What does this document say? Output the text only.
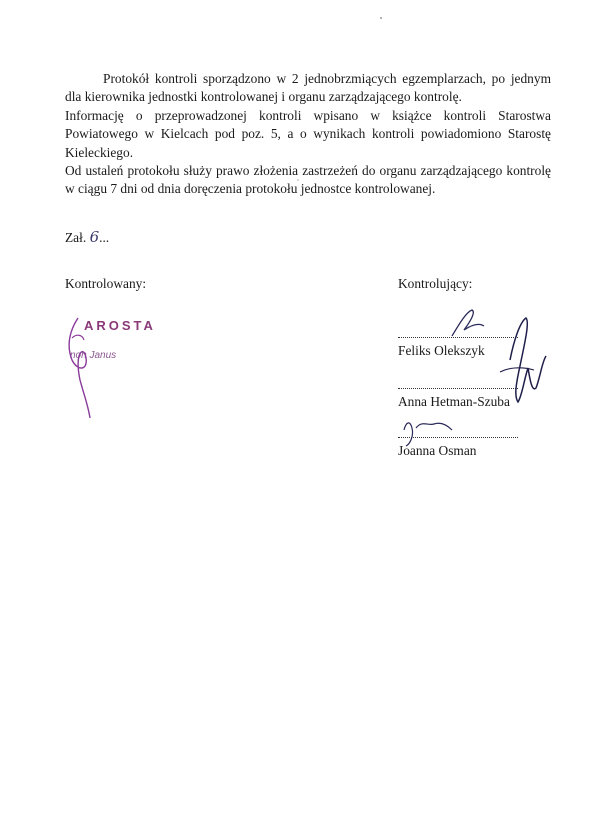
Protokół kontroli sporządzono w 2 jednobrzmiących egzemplarzach, po jednym dla kierownika jednostki kontrolowanej i organu zarządzającego kontrolę.

Informację o przeprowadzonej kontroli wpisano w książce kontroli Starostwa Powiatowego w Kielcach pod poz. 5, a o wynikach kontroli powiadomiono Starostę Kieleckiego.

Od ustaleń protokołu służy prawo złożenia zastrzeżeń do organu zarządzającego kontrolę w ciągu 7 dni od dnia doręczenia protokołu jednostce kontrolowanej.

Zał. 6...
Kontrolowany:	Kontrolujący:
AROSTA
non Janus	Feliks Olekszyk
Anna Hetman-Szuba
Joanna Osman
